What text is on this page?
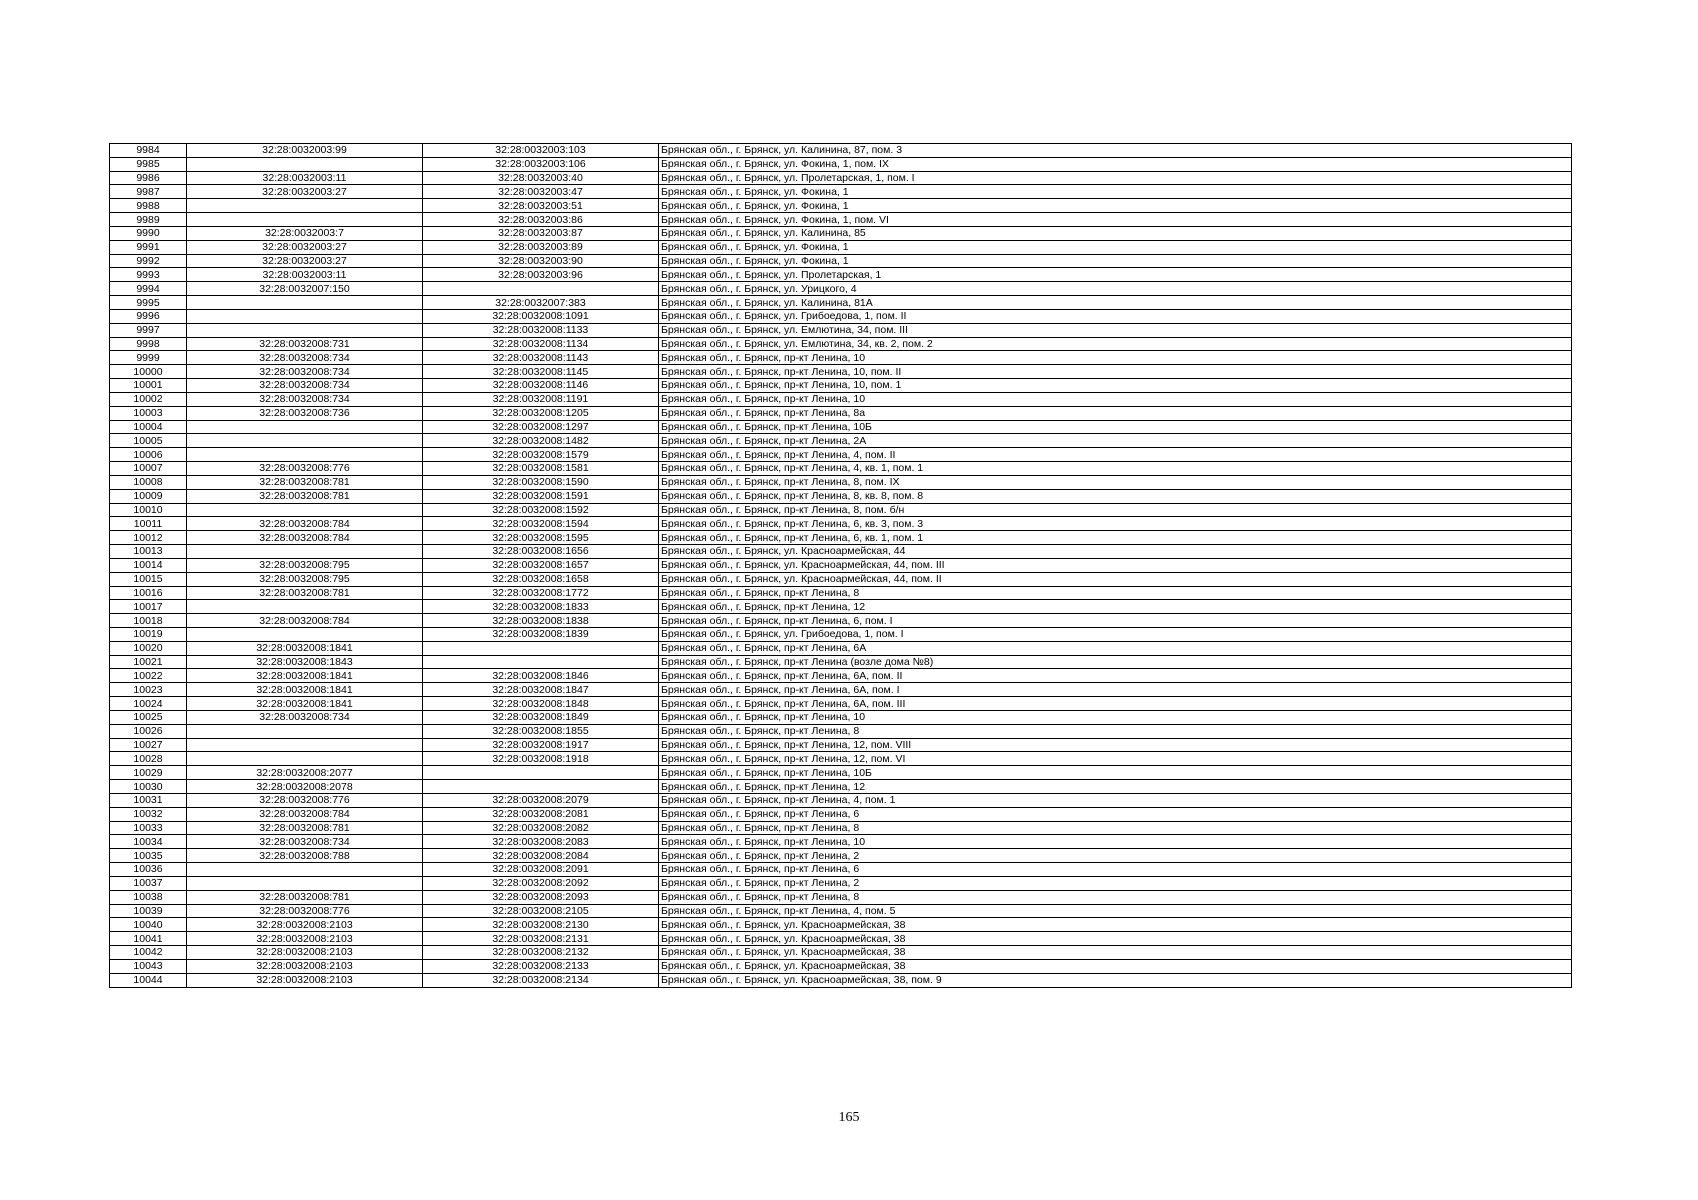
9984	32:28:0032003:99	32:28:0032003:103	Брянская обл., г. Брянск, ул. Калинина, 87, пом. 3
9985		32:28:0032003:106	Брянская обл., г. Брянск, ул. Фокина, 1, пом. IX
9986	32:28:0032003:11	32:28:0032003:40	Брянская обл., г. Брянск, ул. Пролетарская, 1, пом. I
9987	32:28:0032003:27	32:28:0032003:47	Брянская обл., г. Брянск, ул. Фокина, 1
9988		32:28:0032003:51	Брянская обл., г. Брянск, ул. Фокина, 1
9989		32:28:0032003:86	Брянская обл., г. Брянск, ул. Фокина, 1, пом. VI
9990	32:28:0032003:7	32:28:0032003:87	Брянская обл., г. Брянск, ул. Калинина, 85
9991	32:28:0032003:27	32:28:0032003:89	Брянская обл., г. Брянск, ул. Фокина, 1
9992	32:28:0032003:27	32:28:0032003:90	Брянская обл., г. Брянск, ул. Фокина, 1
9993	32:28:0032003:11	32:28:0032003:96	Брянская обл., г. Брянск, ул. Пролетарская, 1
9994	32:28:0032007:150		Брянская обл., г. Брянск, ул. Урицкого, 4
9995		32:28:0032007:383	Брянская обл., г. Брянск, ул. Калинина, 81А
9996		32:28:0032008:1091	Брянская обл., г. Брянск, ул. Грибоедова, 1, пом. II
9997		32:28:0032008:1133	Брянская обл., г. Брянск, ул. Емлютина, 34, пом. III
9998	32:28:0032008:731	32:28:0032008:1134	Брянская обл., г. Брянск, ул. Емлютина, 34, кв. 2, пом. 2
9999	32:28:0032008:734	32:28:0032008:1143	Брянская обл., г. Брянск, пр-кт Ленина, 10
10000	32:28:0032008:734	32:28:0032008:1145	Брянская обл., г. Брянск, пр-кт Ленина, 10, пом. II
10001	32:28:0032008:734	32:28:0032008:1146	Брянская обл., г. Брянск, пр-кт Ленина, 10, пом. 1
10002	32:28:0032008:734	32:28:0032008:1191	Брянская обл., г. Брянск, пр-кт Ленина, 10
10003	32:28:0032008:736	32:28:0032008:1205	Брянская обл., г. Брянск, пр-кт Ленина, 8а
10004		32:28:0032008:1297	Брянская обл., г. Брянск, пр-кт Ленина, 10Б
10005		32:28:0032008:1482	Брянская обл., г. Брянск, пр-кт Ленина, 2А
10006		32:28:0032008:1579	Брянская обл., г. Брянск, пр-кт Ленина, 4, пом. II
10007	32:28:0032008:776	32:28:0032008:1581	Брянская обл., г. Брянск, пр-кт Ленина, 4, кв. 1, пом. 1
10008	32:28:0032008:781	32:28:0032008:1590	Брянская обл., г. Брянск, пр-кт Ленина, 8, пом. IX
10009	32:28:0032008:781	32:28:0032008:1591	Брянская обл., г. Брянск, пр-кт Ленина, 8, кв. 8, пом. 8
10010		32:28:0032008:1592	Брянская обл., г. Брянск, пр-кт Ленина, 8, пом. б/н
10011	32:28:0032008:784	32:28:0032008:1594	Брянская обл., г. Брянск, пр-кт Ленина, 6, кв. 3, пом. 3
10012	32:28:0032008:784	32:28:0032008:1595	Брянская обл., г. Брянск, пр-кт Ленина, 6, кв. 1, пом. 1
10013		32:28:0032008:1656	Брянская обл., г. Брянск, ул. Красноармейская, 44
10014	32:28:0032008:795	32:28:0032008:1657	Брянская обл., г. Брянск, ул. Красноармейская, 44, пом. III
10015	32:28:0032008:795	32:28:0032008:1658	Брянская обл., г. Брянск, ул. Красноармейская, 44, пом. II
10016	32:28:0032008:781	32:28:0032008:1772	Брянская обл., г. Брянск, пр-кт Ленина, 8
10017		32:28:0032008:1833	Брянская обл., г. Брянск, пр-кт Ленина, 12
10018	32:28:0032008:784	32:28:0032008:1838	Брянская обл., г. Брянск, пр-кт Ленина, 6, пом. I
10019		32:28:0032008:1839	Брянская обл., г. Брянск, ул. Грибоедова, 1, пом. I
10020	32:28:0032008:1841		Брянская обл., г. Брянск, пр-кт Ленина, 6А
10021	32:28:0032008:1843		Брянская обл., г. Брянск, пр-кт Ленина (возле дома №8)
10022	32:28:0032008:1841	32:28:0032008:1846	Брянская обл., г. Брянск, пр-кт Ленина, 6А, пом. II
10023	32:28:0032008:1841	32:28:0032008:1847	Брянская обл., г. Брянск, пр-кт Ленина, 6А, пом. I
10024	32:28:0032008:1841	32:28:0032008:1848	Брянская обл., г. Брянск, пр-кт Ленина, 6А, пом. III
10025	32:28:0032008:734	32:28:0032008:1849	Брянская обл., г. Брянск, пр-кт Ленина, 10
10026		32:28:0032008:1855	Брянская обл., г. Брянск, пр-кт Ленина, 8
10027		32:28:0032008:1917	Брянская обл., г. Брянск, пр-кт Ленина, 12, пом. VIII
10028		32:28:0032008:1918	Брянская обл., г. Брянск, пр-кт Ленина, 12, пом. VI
10029	32:28:0032008:2077		Брянская обл., г. Брянск, пр-кт Ленина, 10Б
10030	32:28:0032008:2078		Брянская обл., г. Брянск, пр-кт Ленина, 12
10031	32:28:0032008:776	32:28:0032008:2079	Брянская обл., г. Брянск, пр-кт Ленина, 4, пом. 1
10032	32:28:0032008:784	32:28:0032008:2081	Брянская обл., г. Брянск, пр-кт Ленина, 6
10033	32:28:0032008:781	32:28:0032008:2082	Брянская обл., г. Брянск, пр-кт Ленина, 8
10034	32:28:0032008:734	32:28:0032008:2083	Брянская обл., г. Брянск, пр-кт Ленина, 10
10035	32:28:0032008:788	32:28:0032008:2084	Брянская обл., г. Брянск, пр-кт Ленина, 2
10036		32:28:0032008:2091	Брянская обл., г. Брянск, пр-кт Ленина, 6
10037		32:28:0032008:2092	Брянская обл., г. Брянск, пр-кт Ленина, 2
10038	32:28:0032008:781	32:28:0032008:2093	Брянская обл., г. Брянск, пр-кт Ленина, 8
10039	32:28:0032008:776	32:28:0032008:2105	Брянская обл., г. Брянск, пр-кт Ленина, 4, пом. 5
10040	32:28:0032008:2103	32:28:0032008:2130	Брянская обл., г. Брянск, ул. Красноармейская, 38
10041	32:28:0032008:2103	32:28:0032008:2131	Брянская обл., г. Брянск, ул. Красноармейская, 38
10042	32:28:0032008:2103	32:28:0032008:2132	Брянская обл., г. Брянск, ул. Красноармейская, 38
10043	32:28:0032008:2103	32:28:0032008:2133	Брянская обл., г. Брянск, ул. Красноармейская, 38
10044	32:28:0032008:2103	32:28:0032008:2134	Брянская обл., г. Брянск, ул. Красноармейская, 38, пом. 9
165
